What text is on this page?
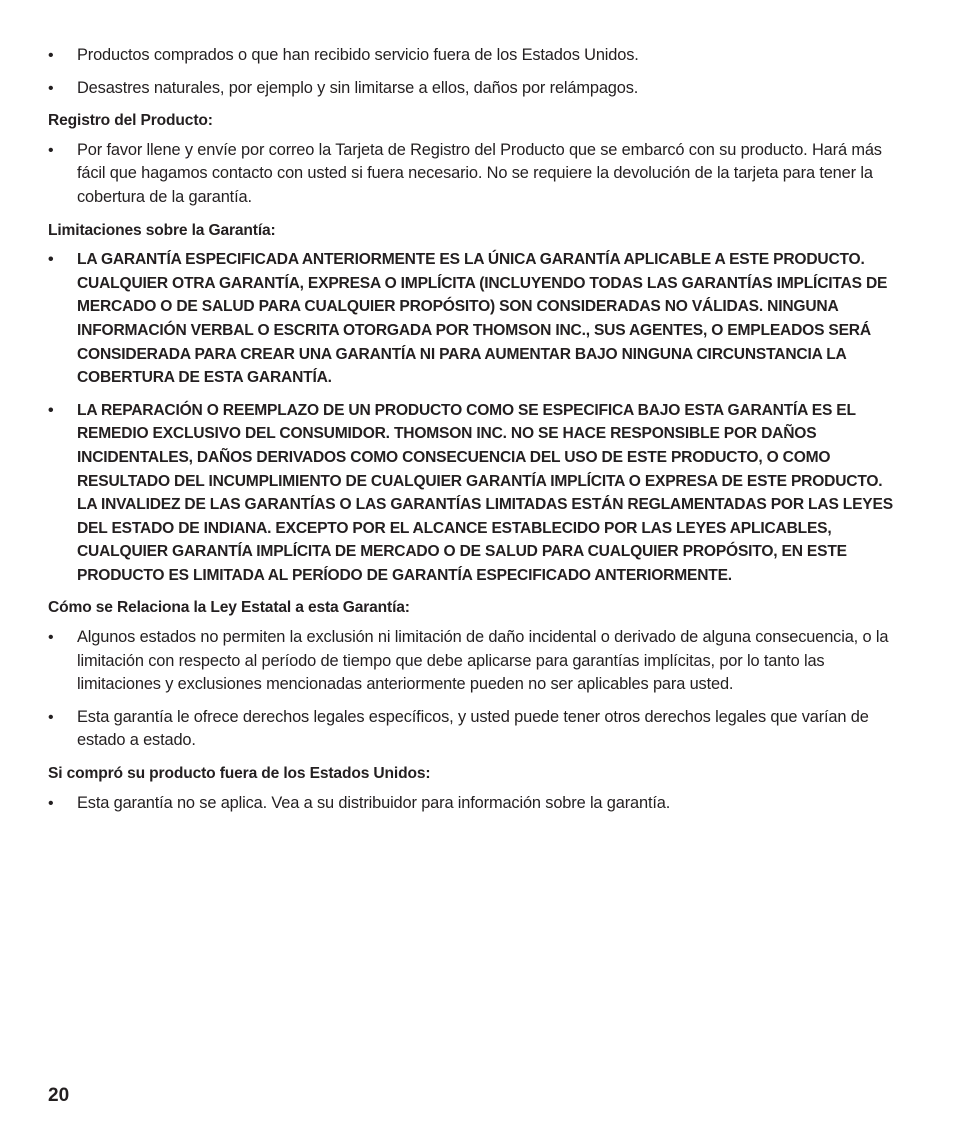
• Productos comprados o que han recibido servicio fuera de los Estados Unidos.

• Desastres naturales, por ejemplo y sin limitarse a ellos, daños por relámpagos.

Registro del Producto:

• Por favor llene y envíe por correo la Tarjeta de Registro del Producto que se embarcó con su producto. Hará más fácil que hagamos contacto con usted si fuera necesario. No se requiere la devolución de la tarjeta para tener la cobertura de la garantía.

Limitaciones sobre la Garantía:

• LA GARANTÍA ESPECIFICADA ANTERIORMENTE ES LA ÚNICA GARANTÍA APLICABLE A ESTE PRODUCTO. CUALQUIER OTRA GARANTÍA, EXPRESA O IMPLÍCITA (INCLUYENDO TODAS LAS GARANTÍAS IMPLÍCITAS DE MERCADO O DE SALUD PARA CUALQUIER PROPÓSITO) SON CONSIDERADAS NO VÁLIDAS. NINGUNA INFORMACIÓN VERBAL O ESCRITA OTORGADA POR THOMSON INC., SUS AGENTES, O EMPLEADOS SERÁ CONSIDERADA PARA CREAR UNA GARANTÍA NI PARA AUMENTAR BAJO NINGUNA CIRCUNSTANCIA LA COBERTURA DE ESTA GARANTÍA.

• LA REPARACIÓN O REEMPLAZO DE UN PRODUCTO COMO SE ESPECIFICA BAJO ESTA GARANTÍA ES EL REMEDIO EXCLUSIVO DEL CONSUMIDOR. THOMSON INC. NO SE HACE RESPONSIBLE POR DAÑOS INCIDENTALES, DAÑOS DERIVADOS COMO CONSECUENCIA DEL USO DE ESTE PRODUCTO, O COMO RESULTADO DEL INCUMPLIMIENTO DE CUALQUIER GARANTÍA IMPLÍCITA O EXPRESA DE ESTE PRODUCTO. LA INVALIDEZ DE LAS GARANTÍAS O LAS GARANTÍAS LIMITADAS ESTÁN REGLAMENTADAS POR LAS LEYES DEL ESTADO DE INDIANA. EXCEPTO POR EL ALCANCE ESTABLECIDO POR LAS LEYES APLICABLES, CUALQUIER GARANTÍA IMPLÍCITA DE MERCADO O DE SALUD PARA CUALQUIER PROPÓSITO, EN ESTE PRODUCTO ES LIMITADA AL PERÍODO DE GARANTÍA ESPECIFICADO ANTERIORMENTE.

Cómo se Relaciona la Ley Estatal a esta Garantía:

• Algunos estados no permiten la exclusión ni limitación de daño incidental o derivado de alguna consecuencia, o la limitación con respecto al período de tiempo que debe aplicarse para garantías implícitas, por lo tanto las limitaciones y exclusiones mencionadas anteriormente pueden no ser aplicables para usted.

• Esta garantía le ofrece derechos legales específicos, y usted puede tener otros derechos legales que varían de estado a estado.

Si compró su producto fuera de los Estados Unidos:

• Esta garantía no se aplica. Vea a su distribuidor para información sobre la garantía.

20
